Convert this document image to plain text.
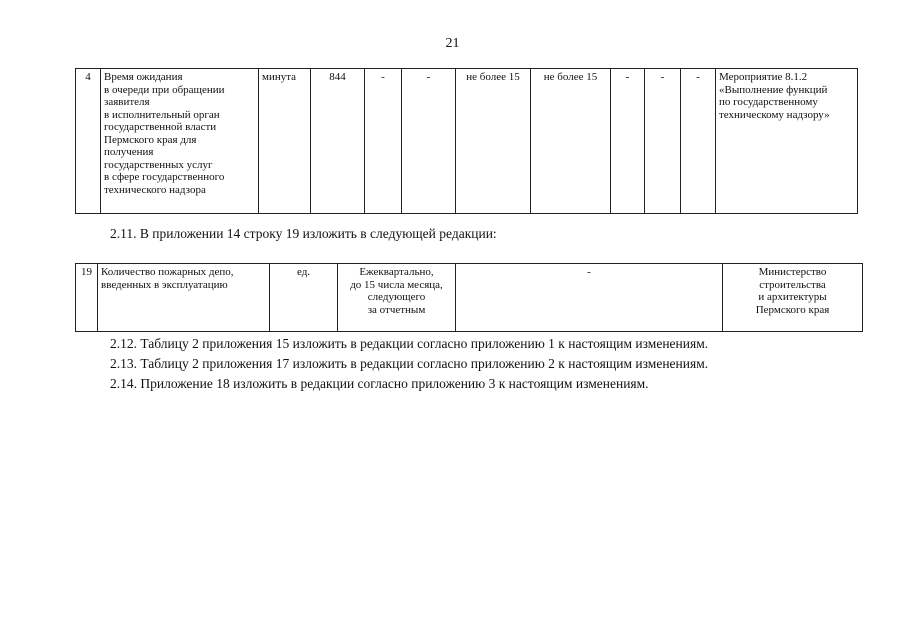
21
4	Время ожидания
в очереди при обращении
заявителя
в исполнительный орган
государственной власти
Пермского края для
получения
государственных услуг
в сфере государственного
технического надзора	минута	844	-	-	не более 15	не более 15	-	-	-	Мероприятие 8.1.2
«Выполнение функций
по государственному
техническому надзору»
2.11. В приложении 14 строку 19 изложить в следующей редакции:
19	Количество пожарных депо,
введенных в эксплуатацию	ед.	Ежеквартально,
до 15 числа месяца,
следующего
за отчетным	-	Министерство
строительства
и архитектуры
Пермского края
2.12. Таблицу 2 приложения 15 изложить в редакции согласно приложению 1 к настоящим изменениям.
2.13. Таблицу 2 приложения 17 изложить в редакции согласно приложению 2 к настоящим изменениям.
2.14. Приложение 18 изложить в редакции согласно приложению 3 к настоящим изменениям.
